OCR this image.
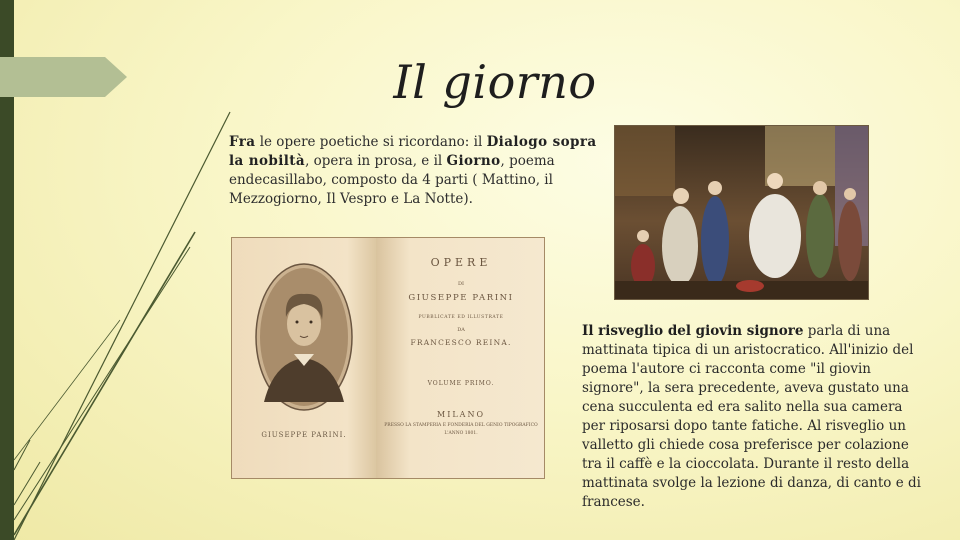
Il giorno
Fra le opere poetiche si ricordano: il Dialogo sopra la nobiltà, opera in prosa, e il Giorno, poema endecasillabo, composto da 4 parti ( Mattino, il Mezzogiorno, Il Vespro e La Notte).
GIUSEPPE PARINI.
OPERE
DI
GIUSEPPE PARINI
PUBBLICATE ED ILLUSTRATE
DA
FRANCESCO REINA.
VOLUME PRIMO.
MILANO
PRESSO LA STAMPERIA E FONDERIA DEL GENIO TIPOGRAFICO
L'ANNO 1801.
Il risveglio del giovin signore parla di una mattinata tipica di un aristocratico. All'inizio del poema l'autore ci racconta come "il giovin signore", la sera precedente, aveva gustato una cena succulenta ed era salito nella sua camera per riposarsi dopo tante fatiche. Al risveglio un valletto gli chiede cosa preferisce per colazione tra il caffè e la cioccolata. Durante il resto della mattinata svolge la lezione di danza, di canto e di francese.
